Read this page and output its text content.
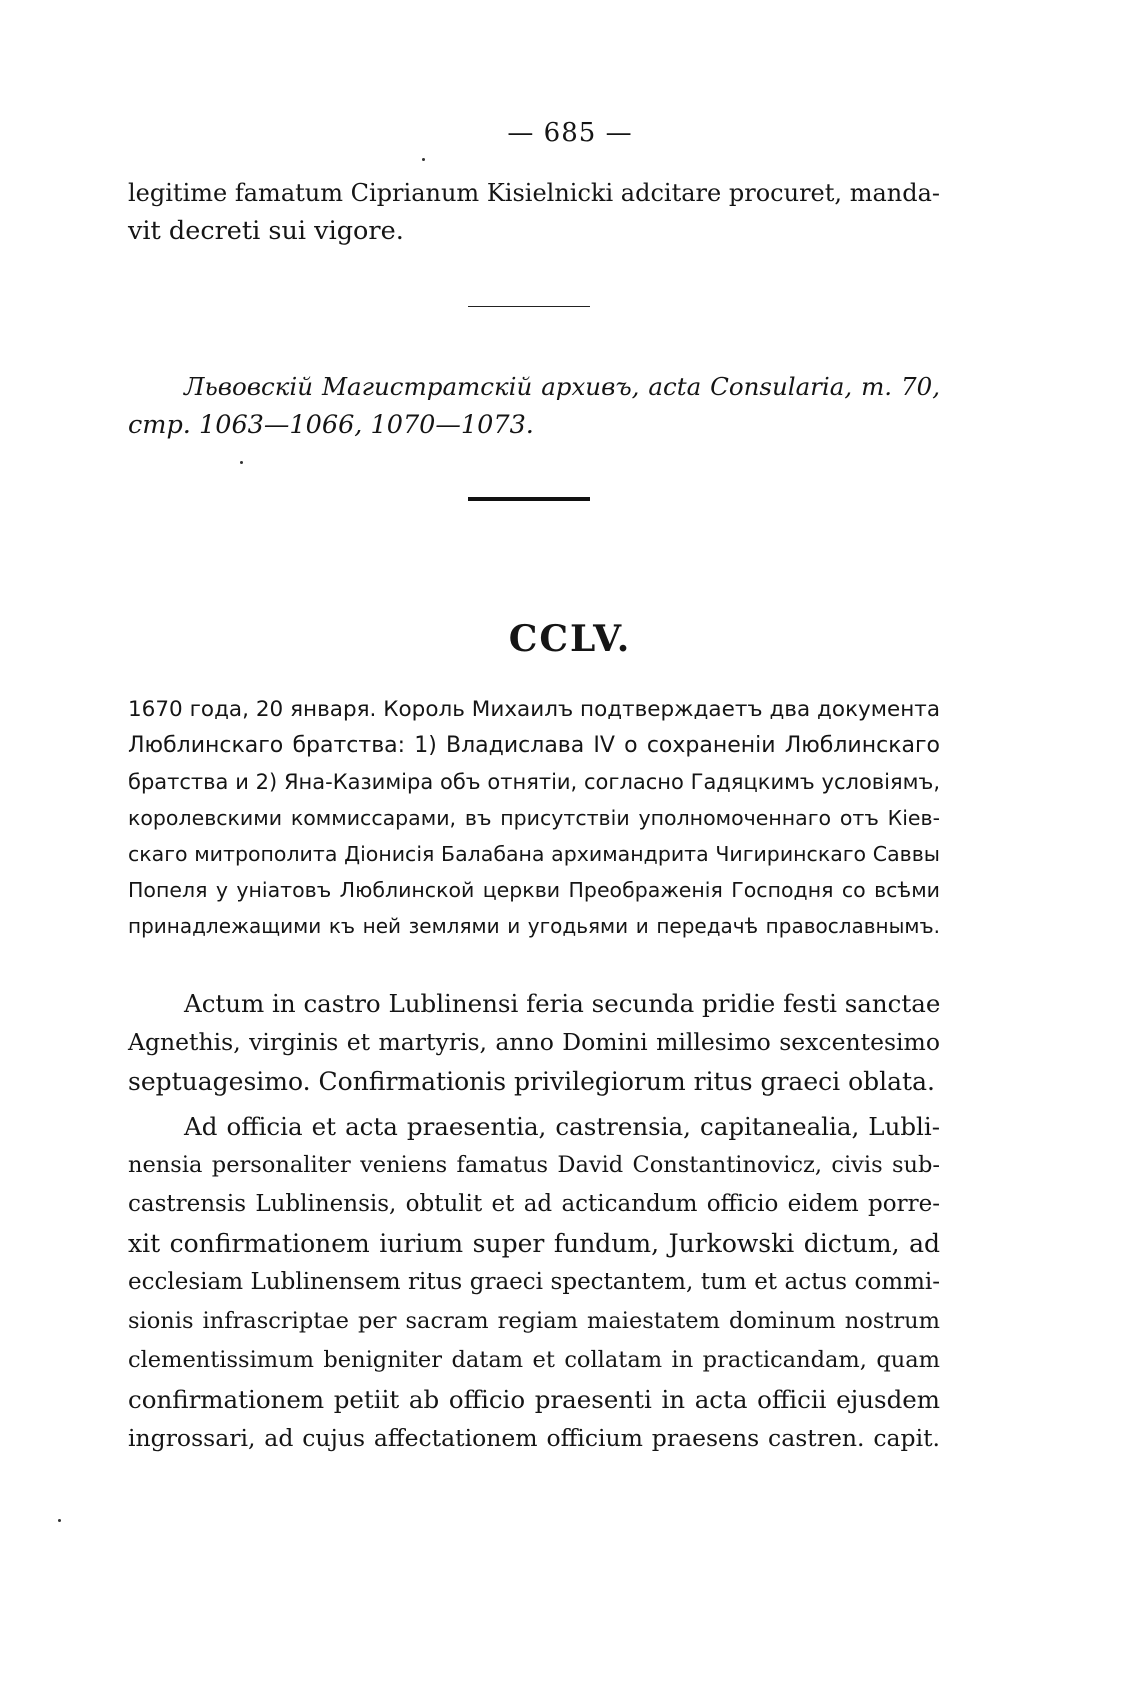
— 685 —
legitime famatum Ciprianum Kisielnicki adcitare procuret, manda-
vit decreti sui vigore.
Львовскій Магистратскій архивъ, acta Consularia, т. 70,
стр. 1063—1066, 1070—1073.
CCLV.
1670 года, 20 января. Король Михаилъ подтверждаетъ два документа
Люблинскаго братства: 1) Владислава IV о сохраненіи Люблинскаго
братства и 2) Яна-Казиміра объ отнятіи, согласно Гадяцкимъ условіямъ,
королевскими коммиссарами, въ присутствіи уполномоченнаго отъ Кіев-
скаго митрополита Діонисія Балабана архимандрита Чигиринскаго Саввы
Попеля у уніатовъ Люблинской церкви Преображенія Господня со всѣми
принадлежащими къ ней землями и угодьями и передачѣ православнымъ.
Actum in castro Lublinensi feria secunda pridie festi sanctae
Agnethis, virginis et martyris, anno Domini millesimo sexcentesimo
septuagesimo. Confirmationis privilegiorum ritus graeci oblata.
Ad officia et acta praesentia, castrensia, capitanealia, Lubli-
nensia personaliter veniens famatus David Constantinovicz, civis sub-
castrensis Lublinensis, obtulit et ad acticandum officio eidem porre-
xit confirmationem iurium super fundum, Jurkowski dictum, ad
ecclesiam Lublinensem ritus graeci spectantem, tum et actus commi-
sionis infrascriptae per sacram regiam maiestatem dominum nostrum
clementissimum benigniter datam et collatam in practicandam, quam
confirmationem petiit ab officio praesenti in acta officii ejusdem
ingrossari, ad cujus affectationem officium praesens castren. capit.
